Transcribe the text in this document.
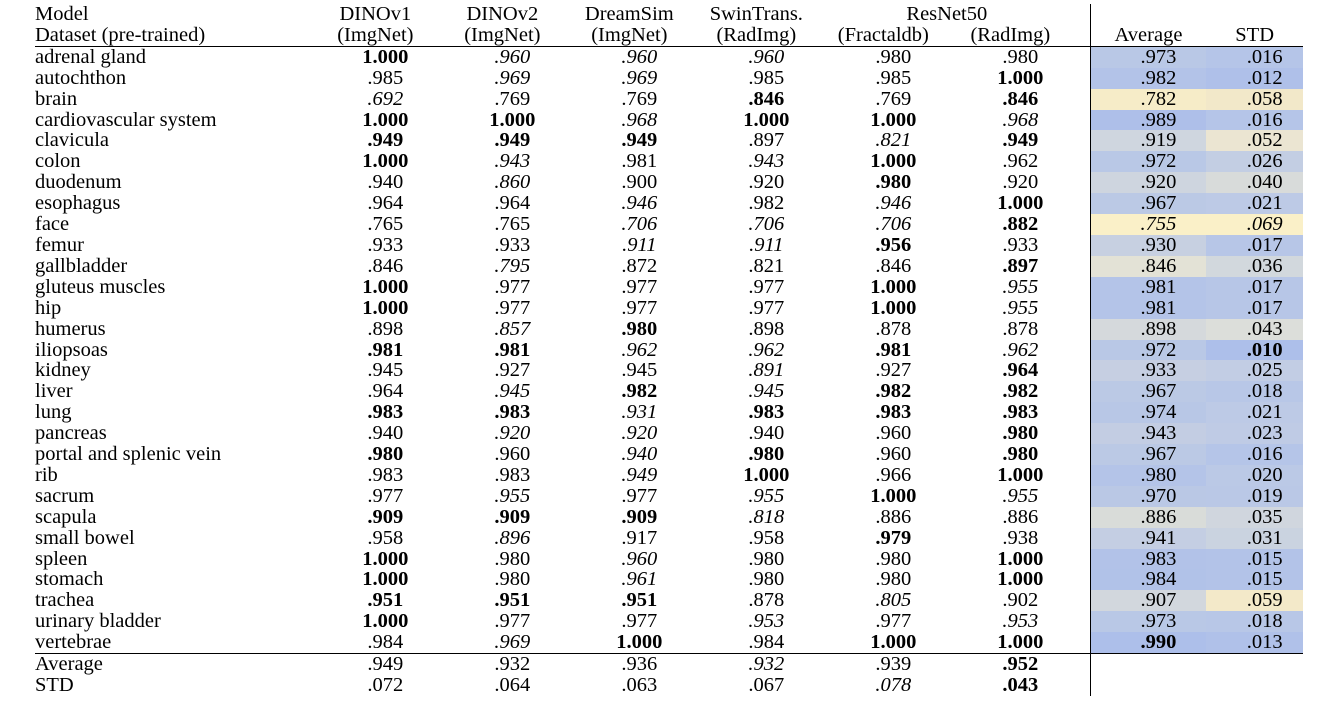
Model	DINOv1	DINOv2	DreamSim	SwinTrans.	ResNet50				
Dataset (pre-trained)	(ImgNet)	(ImgNet)	(ImgNet)	(RadImg)	(Fractaldb)	(RadImg)		Average	STD
adrenal gland	1.000	.960	.960	.960	.980	.980		.973	.016
autochthon	.985	.969	.969	.985	.985	1.000		.982	.012
brain	.692	.769	.769	.846	.769	.846		.782	.058
cardiovascular system	1.000	1.000	.968	1.000	1.000	.968		.989	.016
clavicula	.949	.949	.949	.897	.821	.949		.919	.052
colon	1.000	.943	.981	.943	1.000	.962		.972	.026
duodenum	.940	.860	.900	.920	.980	.920		.920	.040
esophagus	.964	.964	.946	.982	.946	1.000		.967	.021
face	.765	.765	.706	.706	.706	.882		.755	.069
femur	.933	.933	.911	.911	.956	.933		.930	.017
gallbladder	.846	.795	.872	.821	.846	.897		.846	.036
gluteus muscles	1.000	.977	.977	.977	1.000	.955		.981	.017
hip	1.000	.977	.977	.977	1.000	.955		.981	.017
humerus	.898	.857	.980	.898	.878	.878		.898	.043
iliopsoas	.981	.981	.962	.962	.981	.962		.972	.010
kidney	.945	.927	.945	.891	.927	.964		.933	.025
liver	.964	.945	.982	.945	.982	.982		.967	.018
lung	.983	.983	.931	.983	.983	.983		.974	.021
pancreas	.940	.920	.920	.940	.960	.980		.943	.023
portal and splenic vein	.980	.960	.940	.980	.960	.980		.967	.016
rib	.983	.983	.949	1.000	.966	1.000		.980	.020
sacrum	.977	.955	.977	.955	1.000	.955		.970	.019
scapula	.909	.909	.909	.818	.886	.886		.886	.035
small bowel	.958	.896	.917	.958	.979	.938		.941	.031
spleen	1.000	.980	.960	.980	.980	1.000		.983	.015
stomach	1.000	.980	.961	.980	.980	1.000		.984	.015
trachea	.951	.951	.951	.878	.805	.902		.907	.059
urinary bladder	1.000	.977	.977	.953	.977	.953		.973	.018
vertebrae	.984	.969	1.000	.984	1.000	1.000		.990	.013
Average	.949	.932	.936	.932	.939	.952			
STD	.072	.064	.063	.067	.078	.043			
